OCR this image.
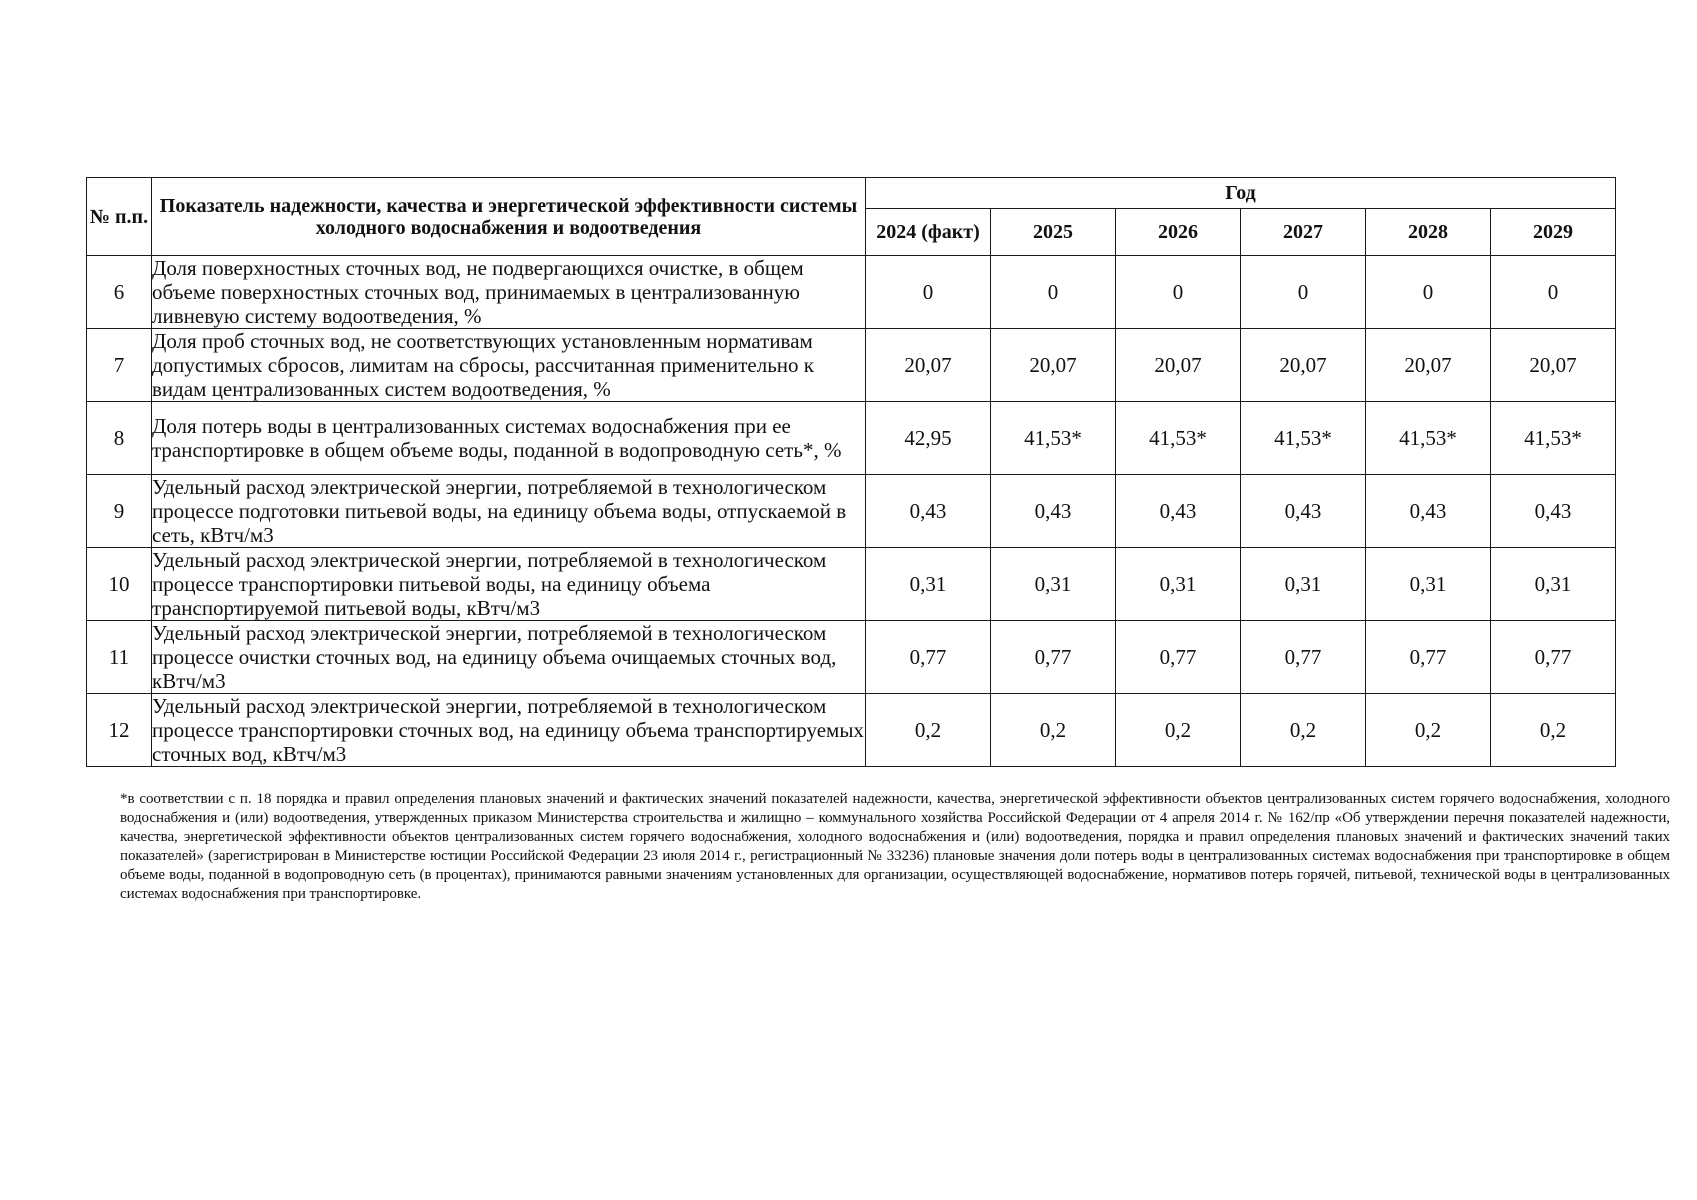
№ п.п.	Показатель надежности, качества и энергетической эффективности системы холодного водоснабжения и водоотведения	Год					
		2024 (факт)	2025	2026	2027	2028	2029
6	Доля поверхностных сточных вод, не подвергающихся очистке, в общем объеме поверхностных сточных вод, принимаемых в централизованную ливневую систему водоотведения, %	0	0	0	0	0	0
7	Доля проб сточных вод, не соответствующих установленным нормативам допустимых сбросов, лимитам на сбросы, рассчитанная применительно к видам централизованных систем водоотведения, %	20,07	20,07	20,07	20,07	20,07	20,07
8	Доля потерь воды в централизованных системах водоснабжения при ее транспортировке в общем объеме воды, поданной в водопроводную сеть*, %	42,95	41,53*	41,53*	41,53*	41,53*	41,53*
9	Удельный расход электрической энергии, потребляемой в технологическом процессе подготовки питьевой воды, на единицу объема воды, отпускаемой в сеть, кВтч/м3	0,43	0,43	0,43	0,43	0,43	0,43
10	Удельный расход электрической энергии, потребляемой в технологическом процессе транспортировки питьевой воды, на единицу объема транспортируемой питьевой воды, кВтч/м3	0,31	0,31	0,31	0,31	0,31	0,31
11	Удельный расход электрической энергии, потребляемой в технологическом процессе очистки сточных вод, на единицу объема очищаемых сточных вод, кВтч/м3	0,77	0,77	0,77	0,77	0,77	0,77
12	Удельный расход электрической энергии, потребляемой в технологическом процессе транспортировки сточных вод, на единицу объема транспортируемых сточных вод, кВтч/м3	0,2	0,2	0,2	0,2	0,2	0,2
*в соответствии с п. 18 порядка и правил определения плановых значений и фактических значений показателей надежности, качества, энергетической эффективности объектов централизованных систем горячего водоснабжения, холодного водоснабжения и (или) водоотведения, утвержденных приказом Министерства строительства и жилищно – коммунального хозяйства Российской Федерации от 4 апреля 2014 г. № 162/пр «Об утверждении перечня показателей надежности, качества, энергетической эффективности объектов централизованных систем горячего водоснабжения, холодного водоснабжения и (или) водоотведения, порядка и правил определения плановых значений и фактических значений таких показателей» (зарегистрирован в Министерстве юстиции Российской Федерации 23 июля 2014 г., регистрационный № 33236) плановые значения доли потерь воды в централизованных системах водоснабжения при транспортировке в общем объеме воды, поданной в водопроводную сеть (в процентах), принимаются равными значениям установленных для организации, осуществляющей водоснабжение, нормативов потерь горячей, питьевой, технической воды в централизованных системах водоснабжения при транспортировке.
